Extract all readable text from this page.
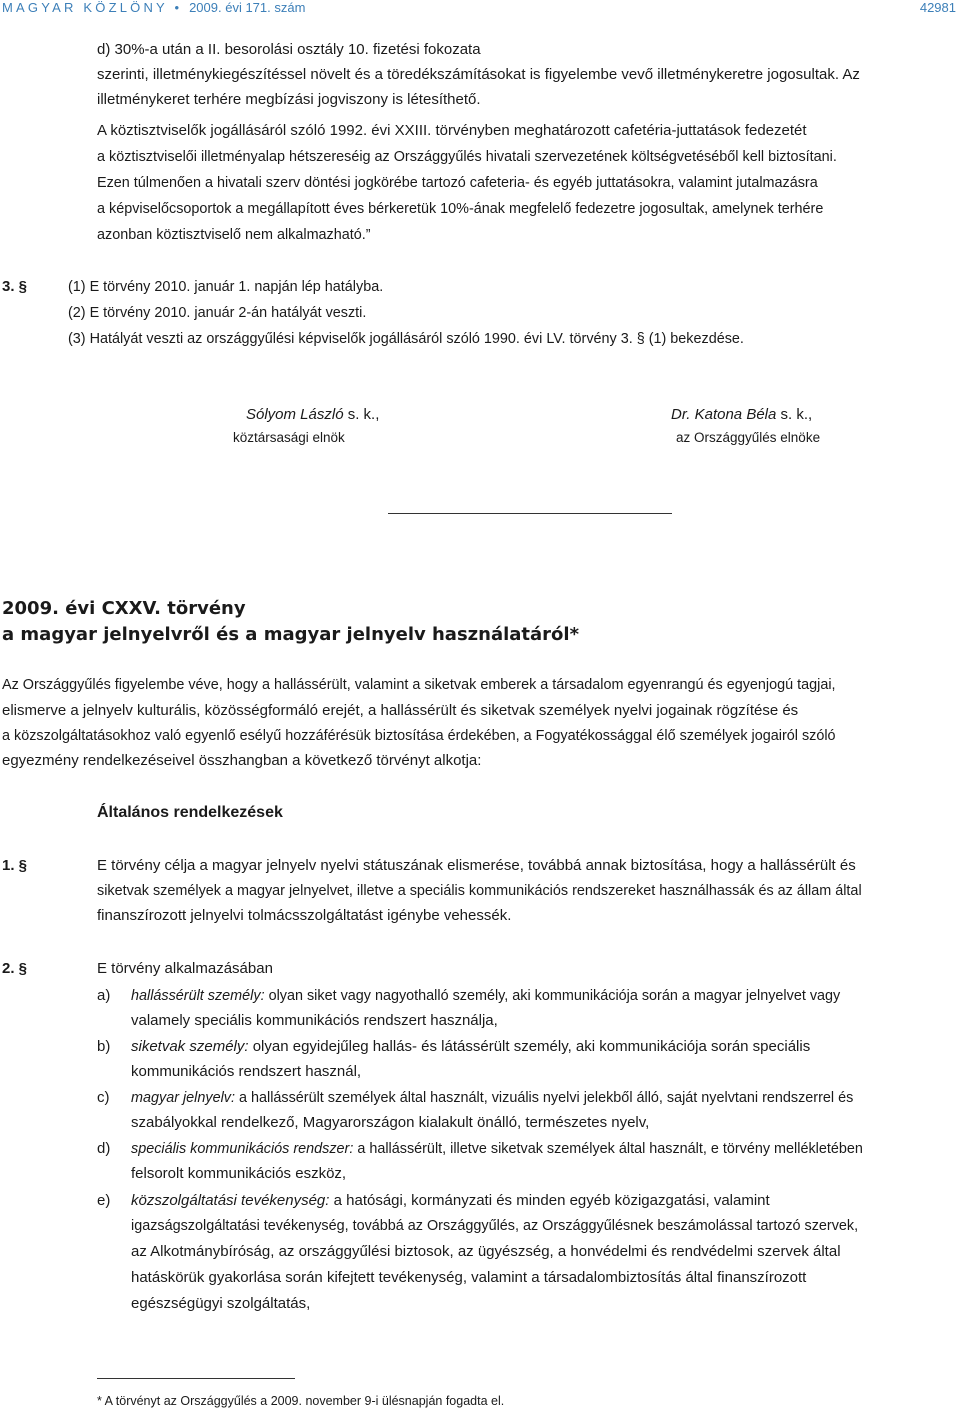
MAGYAR KÖZLÖNY • 2009. évi 171. szám	42981
d) 30%-a után a II. besorolási osztály 10. fizetési fokozata
szerinti, illetménykiegészítéssel növelt és a töredékszámításokat is figyelembe vevő illetménykeretre jogosultak. Az
illetménykeret terhére megbízási jogviszony is létesíthető.
A köztisztviselők jogállásáról szóló 1992. évi XXIII. törvényben meghatározott cafetéria-juttatások fedezetét
a köztisztviselői illetményalap hétszereséig az Országgyűlés hivatali szervezetének költségvetéséből kell biztosítani.
Ezen túlmenően a hivatali szerv döntési jogkörébe tartozó cafeteria- és egyéb juttatásokra, valamint jutalmazásra
a képviselőcsoportok a megállapított éves bérkeretük 10%-ának megfelelő fedezetre jogosultak, amelynek terhére
azonban köztisztviselő nem alkalmazható.”
3. §	(1) E törvény 2010. január 1. napján lép hatályba.
(2) E törvény 2010. január 2-án hatályát veszti.
(3) Hatályát veszti az országgyűlési képviselők jogállásáról szóló 1990. évi LV. törvény 3. § (1) bekezdése.
Sólyom László s. k.,
köztársasági elnök
Dr. Katona Béla s. k.,
az Országgyűlés elnöke
2009. évi CXXV. törvény
a magyar jelnyelvről és a magyar jelnyelv használatáról*
Az Országgyűlés figyelembe véve, hogy a hallássérült, valamint a siketvak emberek a társadalom egyenrangú és egyenjogú tagjai,
elismerve a jelnyelv kulturális, közösségformáló erejét, a hallássérült és siketvak személyek nyelvi jogainak rögzítése és
a közszolgáltatásokhoz való egyenlő esélyű hozzáférésük biztosítása érdekében, a Fogyatékossággal élő személyek jogairól szóló
egyezmény rendelkezéseivel összhangban a következő törvényt alkotja:
Általános rendelkezések
1. §	E törvény célja a magyar jelnyelv nyelvi státuszának elismerése, továbbá annak biztosítása, hogy a hallássérült és
siketvak személyek a magyar jelnyelvet, illetve a speciális kommunikációs rendszereket használhassák és az állam által
finanszírozott jelnyelvi tolmácsszolgáltatást igénybe vehessék.
2. §	E törvény alkalmazásában
a) hallássérült személy: olyan siket vagy nagyothalló személy, aki kommunikációja során a magyar jelnyelvet vagy
valamely speciális kommunikációs rendszert használja,
b) siketvak személy: olyan egyidejűleg hallás- és látássérült személy, aki kommunikációja során speciális
kommunikációs rendszert használ,
c) magyar jelnyelv: a hallássérült személyek által használt, vizuális nyelvi jelekből álló, saját nyelvtani rendszerrel és
szabályokkal rendelkező, Magyarországon kialakult önálló, természetes nyelv,
d) speciális kommunikációs rendszer: a hallássérült, illetve siketvak személyek által használt, e törvény mellékletében
felsorolt kommunikációs eszköz,
e) közszolgáltatási tevékenység: a hatósági, kormányzati és minden egyéb közigazgatási, valamint
igazságszolgáltatási tevékenység, továbbá az Országgyűlés, az Országgyűlésnek beszámolással tartozó szervek,
az Alkotmánybíróság, az országgyűlési biztosok, az ügyészség, a honvédelmi és rendvédelmi szervek által
hatáskörük gyakorlása során kifejtett tevékenység, valamint a társadalombiztosítás által finanszírozott
egészségügyi szolgáltatás,
* A törvényt az Országgyűlés a 2009. november 9-i ülésnapján fogadta el.
